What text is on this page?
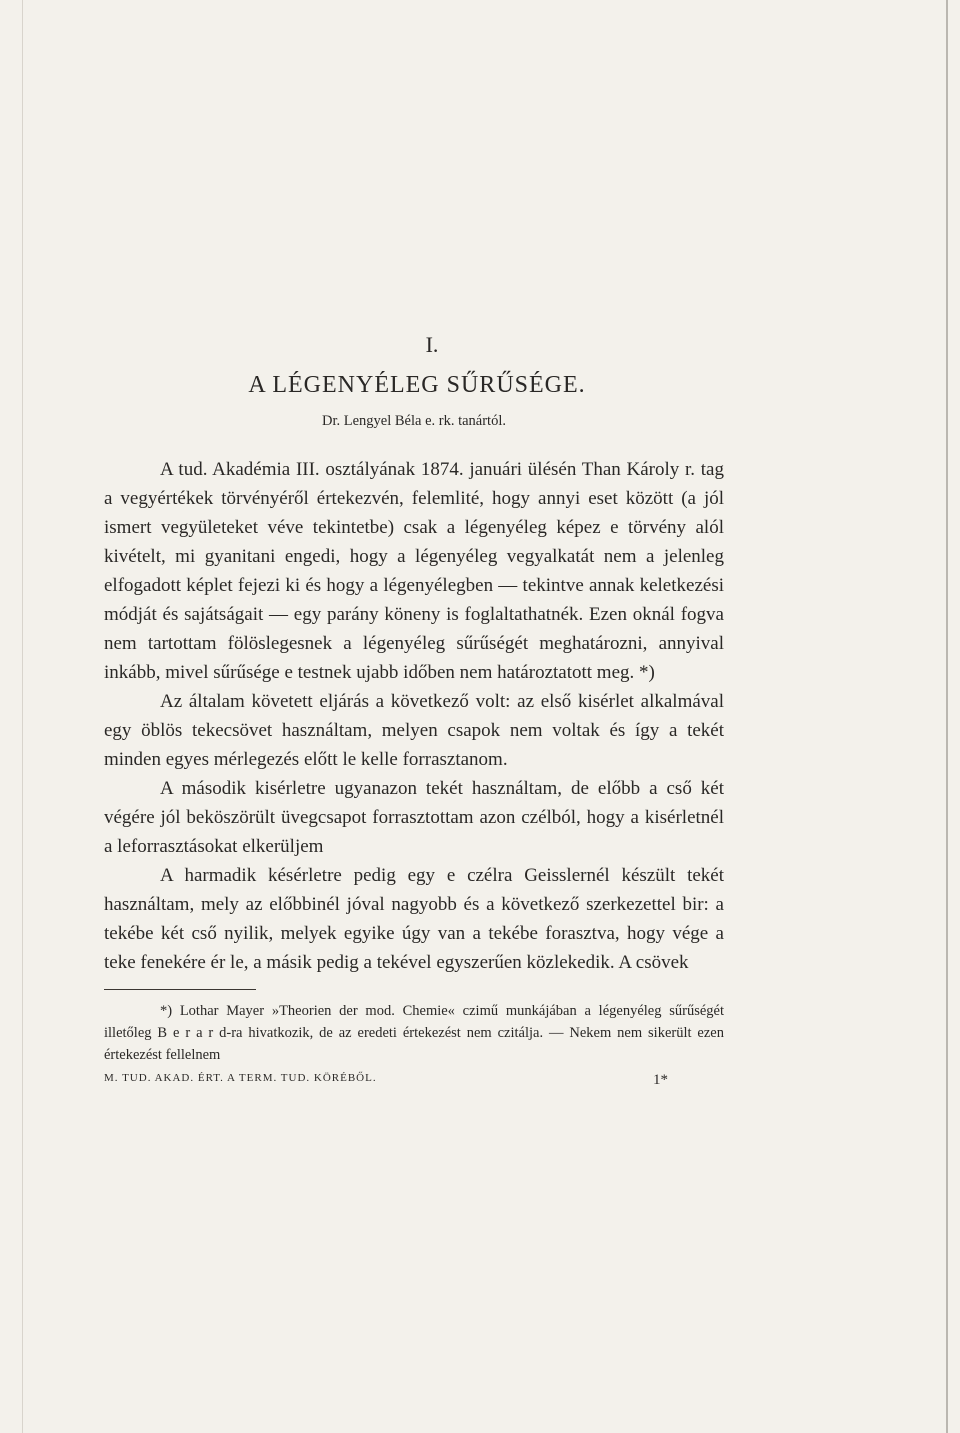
I.
A LÉGENYÉLEG SŰRŰSÉGE.
Dr. Lengyel Béla e. rk. tanártól.

A tud. Akadémia III. osztályának 1874. januári ülésén Than Károly r. tag a vegyértékek törvényéről értekezvén, felemlité, hogy annyi eset között (a jól ismert vegyületeket véve tekintetbe) csak a légenyéleg képez e törvény alól kivételt, mi gyanitani engedi, hogy a légenyéleg vegyalkatát nem a jelenleg elfogadott képlet fejezi ki és hogy a légenyélegben — tekintve annak keletkezési módját és sajátságait — egy parány köneny is foglaltathatnék. Ezen oknál fogva nem tartottam fölöslegesnek a légenyéleg sűrűségét meghatározni, annyival inkább, mivel sűrűsége e testnek ujabb időben nem határoztatott meg. *)

Az általam követett eljárás a következő volt: az első kisérlet alkalmával egy öblös tekecsövet használtam, melyen csapok nem voltak és így a tekét minden egyes mérlegezés előtt le kelle forrasztanom.

A második kisérletre ugyanazon tekét használtam, de előbb a cső két végére jól beköszörült üvegcsapot forrasztottam azon czélból, hogy a kisérletnél a leforrasztásokat elkerüljem

A harmadik késérletre pedig egy e czélra Geisslernél készült tekét használtam, mely az előbbinél jóval nagyobb és a következő szerkezettel bir: a tekébe két cső nyilik, melyek egyike úgy van a tekébe forasztva, hogy vége a teke fenekére ér le, a másik pedig a tekével egyszerűen közlekedik. A csövek

*) Lothar Mayer »Theorien der mod. Chemie« czimű munkájában a légenyéleg sűrűségét illetőleg B e r a r d-ra hivatkozik, de az eredeti értekezést nem czitálja. — Nekem nem sikerült ezen értekezést fellelnem

M. TUD. AKAD. ÉRT. A TERM. TUD. KÖRÉBŐL.	1*
